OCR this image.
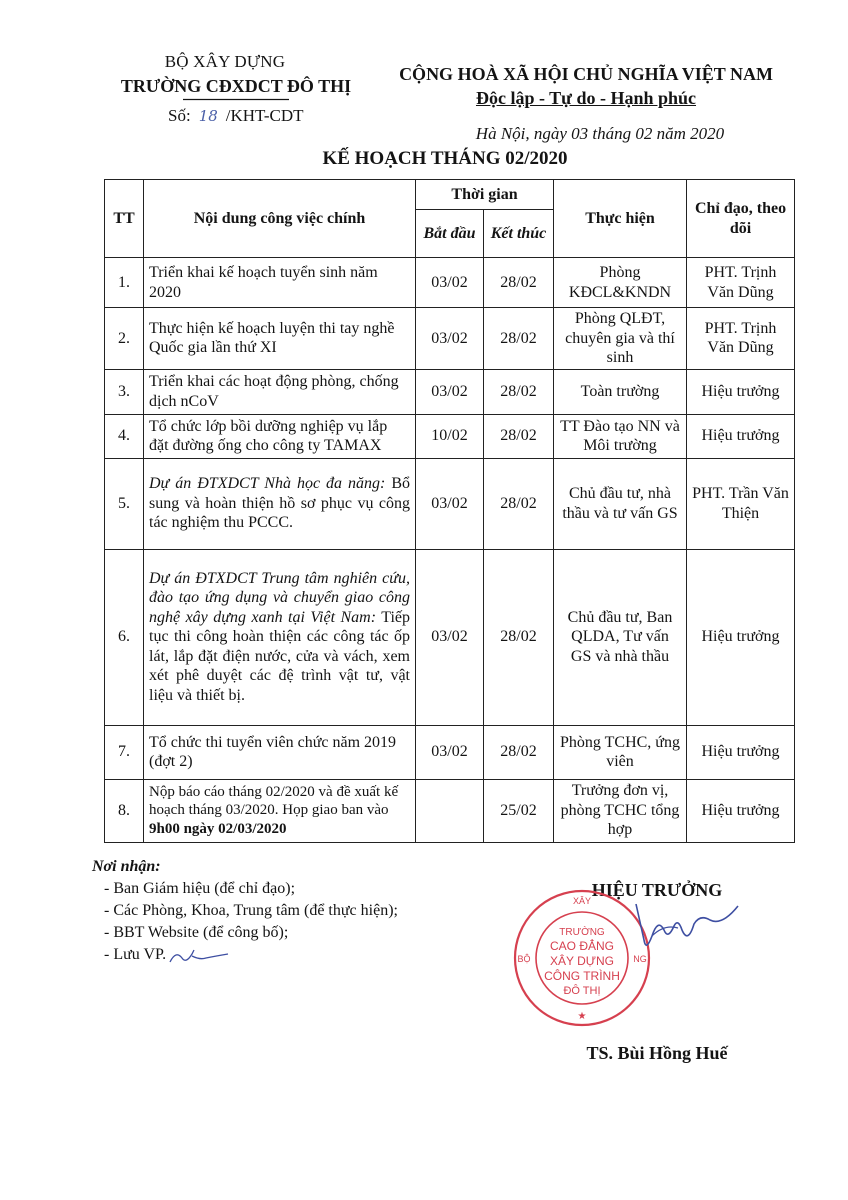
BỘ XÂY DỰNG
TRƯỜNG CĐXDCT ĐÔ THỊ
Số: 18 /KHT-CDT
CỘNG HOÀ XÃ HỘI CHỦ NGHĨA VIỆT NAM
Độc lập - Tự do - Hạnh phúc
Hà Nội, ngày 03 tháng 02 năm 2020
KẾ HOẠCH THÁNG 02/2020
TT	Nội dung công việc chính	Thời gian		Thực hiện	Chỉ đạo, theo dõi
		Bắt đầu	Kết thúc		
1.	Triển khai kế hoạch tuyển sinh năm 2020	03/02	28/02	Phòng KĐCL&KNDN	PHT. Trịnh Văn Dũng
2.	Thực hiện kế hoạch luyện thi tay nghề Quốc gia lần thứ XI	03/02	28/02	Phòng QLĐT, chuyên gia và thí sinh	PHT. Trịnh Văn Dũng
3.	Triển khai các hoạt động phòng, chống dịch nCoV	03/02	28/02	Toàn trường	Hiệu trưởng
4.	Tổ chức lớp bồi dưỡng nghiệp vụ lắp đặt đường ống cho công ty TAMAX	10/02	28/02	TT Đào tạo NN và Môi trường	Hiệu trưởng
5.	Dự án ĐTXDCT Nhà học đa năng: Bổ sung và hoàn thiện hồ sơ phục vụ công tác nghiệm thu PCCC.	03/02	28/02	Chủ đầu tư, nhà thầu và tư vấn GS	PHT. Trần Văn Thiện
6.	Dự án ĐTXDCT Trung tâm nghiên cứu, đào tạo ứng dụng và chuyển giao công nghệ xây dựng xanh tại Việt Nam: Tiếp tục thi công hoàn thiện các công tác ốp lát, lắp đặt điện nước, cửa và vách, xem xét phê duyệt các đệ trình vật tư, vật liệu và thiết bị.	03/02	28/02	Chủ đầu tư, Ban QLDA, Tư vấn GS và nhà thầu	Hiệu trưởng
7.	Tổ chức thi tuyển viên chức năm 2019 (đợt 2)	03/02	28/02	Phòng TCHC, ứng viên	Hiệu trưởng
8.	Nộp báo cáo tháng 02/2020 và đề xuất kế hoạch tháng 03/2020. Họp giao ban vào 9h00 ngày 02/03/2020		25/02	Trưởng đơn vị, phòng TCHC tổng hợp	Hiệu trưởng
Nơi nhận:
- Ban Giám hiệu (để chỉ đạo);
- Các Phòng, Khoa, Trung tâm (để thực hiện);
- BBT Website (để công bố);
- Lưu VP.
HIỆU TRƯỞNG
XÂY
BỘ	NG
TRƯỜNG
CAO ĐẲNG
XÂY DỰNG
CÔNG TRÌNH
ĐÔ THỊ
★
TS. Bùi Hồng Huế
